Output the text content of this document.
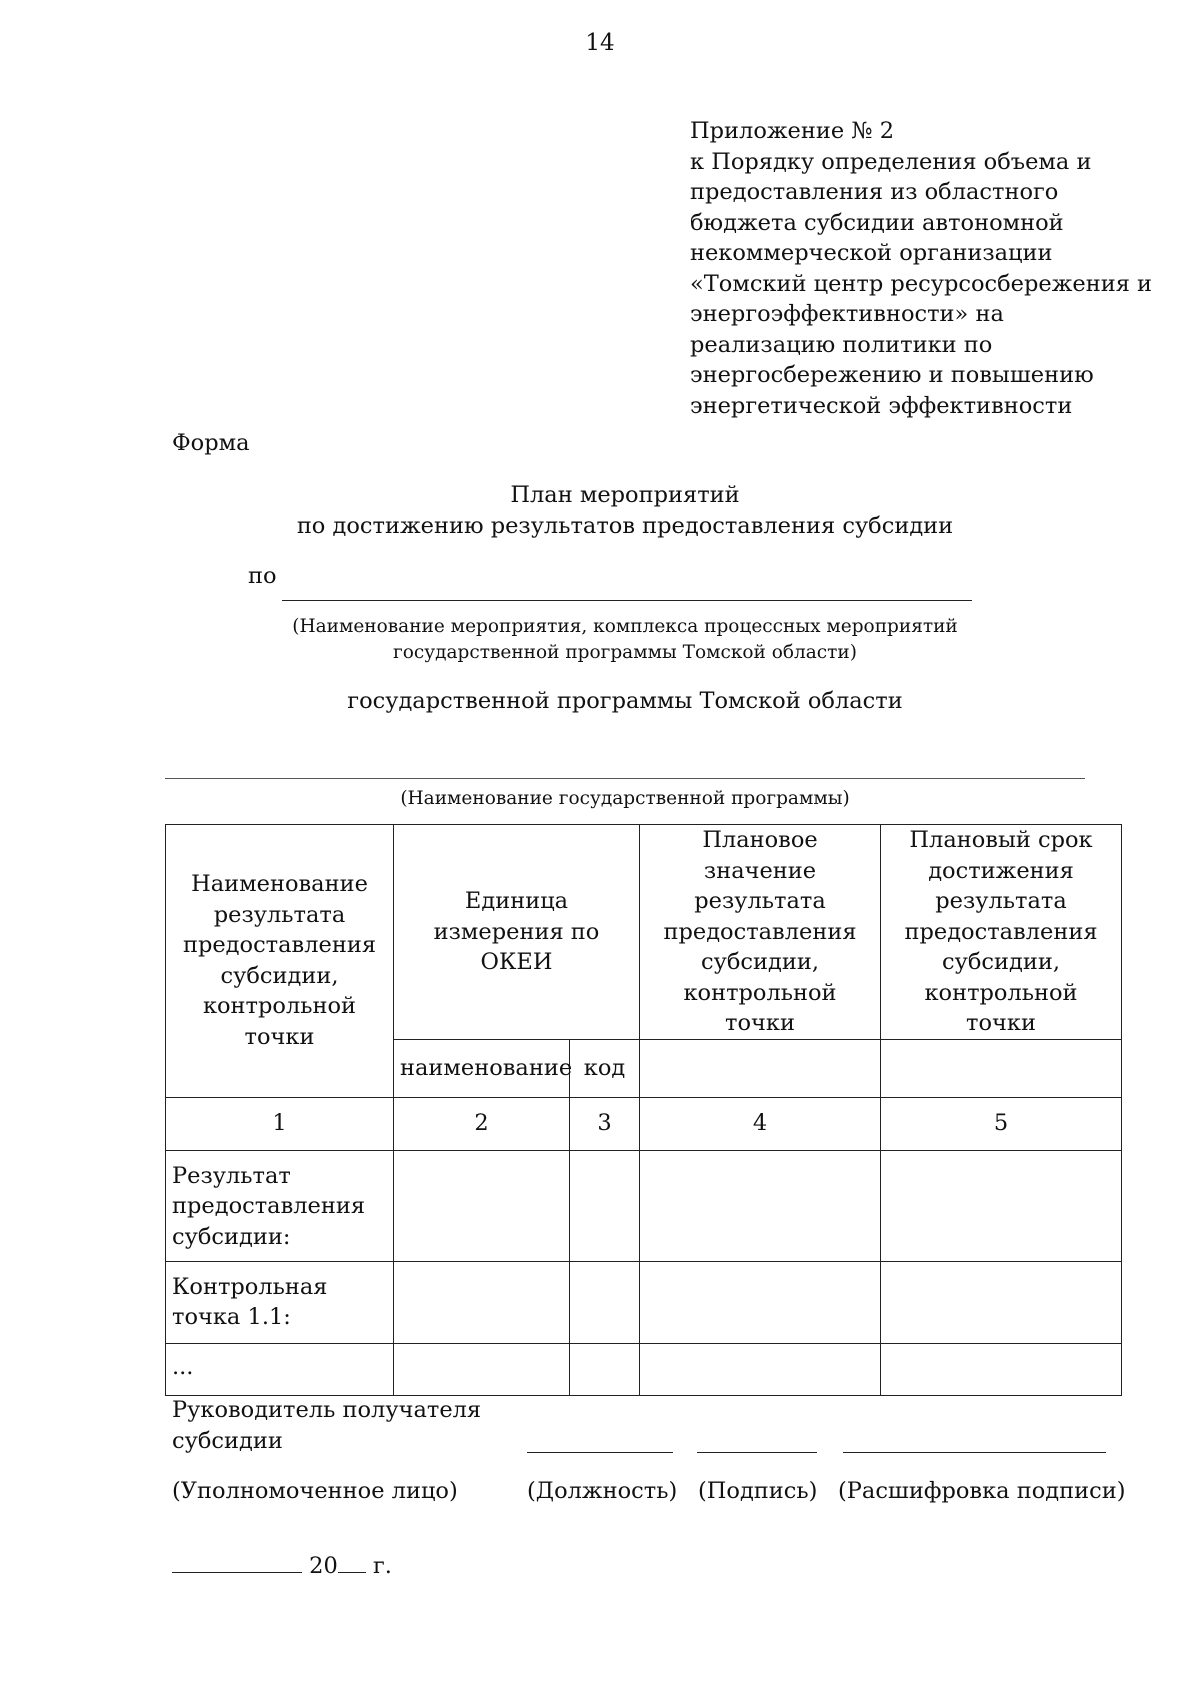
14
Приложение № 2
к Порядку определения объема и
предоставления из областного
бюджета субсидии автономной
некоммерческой организации
«Томский центр ресурсосбережения и
энергоэффективности» на
реализацию политики по
энергосбережению и повышению
энергетической эффективности
Форма
План мероприятий
по достижению результатов предоставления субсидии
по
(Наименование мероприятия, комплекса процессных мероприятий
государственной программы Томской области)
государственной программы Томской области
(Наименование государственной программы)
Наименование результата предоставления субсидии, контрольной точки	Единица измерения по ОКЕИ		Плановое значение результата предоставления субсидии, контрольной точки	Плановый срок достижения результата предоставления субсидии, контрольной точки
	наименование	код		
1	2	3	4	5
Результат предоставления субсидии:				
Контрольная точка 1.1:				
...				
Руководитель получателя
субсидии
(Уполномоченное лицо)	(Должность) (Подпись) (Расшифровка подписи)
20 г.
